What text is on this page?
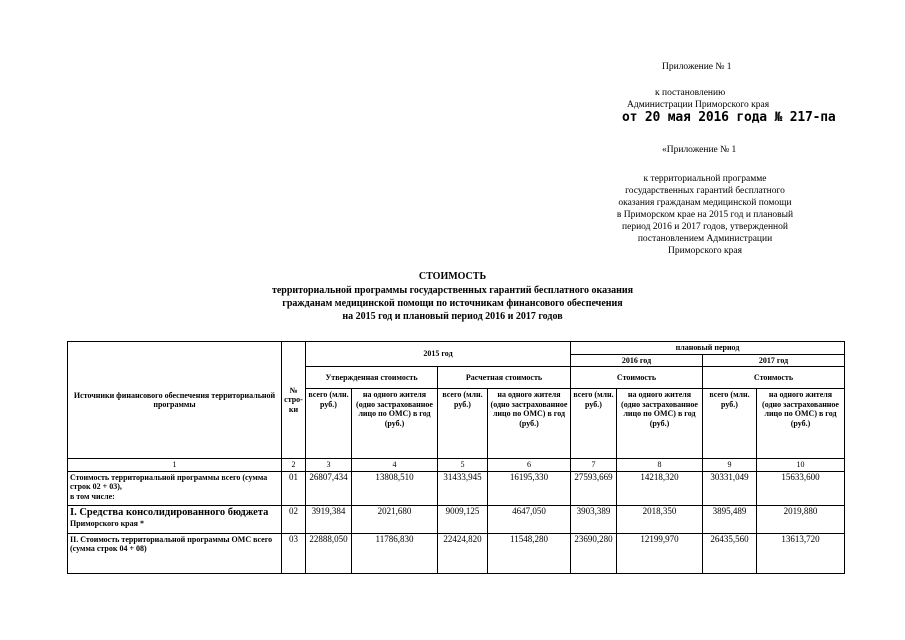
Приложение № 1
к постановлению
Администрации Приморского края
от 20 мая 2016 года № 217-па
«Приложение № 1
к территориальной программе
государственных гарантий бесплатного
оказания гражданам медицинской помощи
в Приморском крае на 2015 год и плановый
период 2016 и 2017 годов, утвержденной
постановлением Администрации
Приморского края
СТОИМОСТЬ
территориальной программы государственных гарантий бесплатного оказания
гражданам медицинской помощи по источникам финансового обеспечения
на 2015 год и плановый период 2016 и 2017 годов
Источники финансового обеспечения территориальной программы	№ стро-ки	2015 год				плановый период			
						2016 год		2017 год	
		Утвержденная стоимость		Расчетная стоимость		Стоимость		Стоимость	
		всего (млн. руб.)	на одного жителя (одно застрахованное лицо по ОМС) в год (руб.)	всего (млн. руб.)	на одного жителя (одно застрахованное лицо по ОМС) в год (руб.)	всего (млн. руб.)	на одного жителя (одно застрахованное лицо по ОМС) в год (руб.)	всего (млн. руб.)	на одного жителя (одно застрахованное лицо по ОМС) в год (руб.)
1	2	3	4	5	6	7	8	9	10

Стоимость территориальной программы всего (сумма строк 02 + 03),
в том числе:	01	26807,434	13808,510	31433,945	16195,330	27593,669	14218,320	30331,049	15633,600

I. Средства консолидированного бюджета
Приморского края *	02	3919,384	2021,680	9009,125	4647,050	3903,389	2018,350	3895,489	2019,880

II. Стоимость территориальной программы ОМС всего
(сумма строк 04 + 08)	03	22888,050	11786,830	22424,820	11548,280	23690,280	12199,970	26435,560	13613,720
